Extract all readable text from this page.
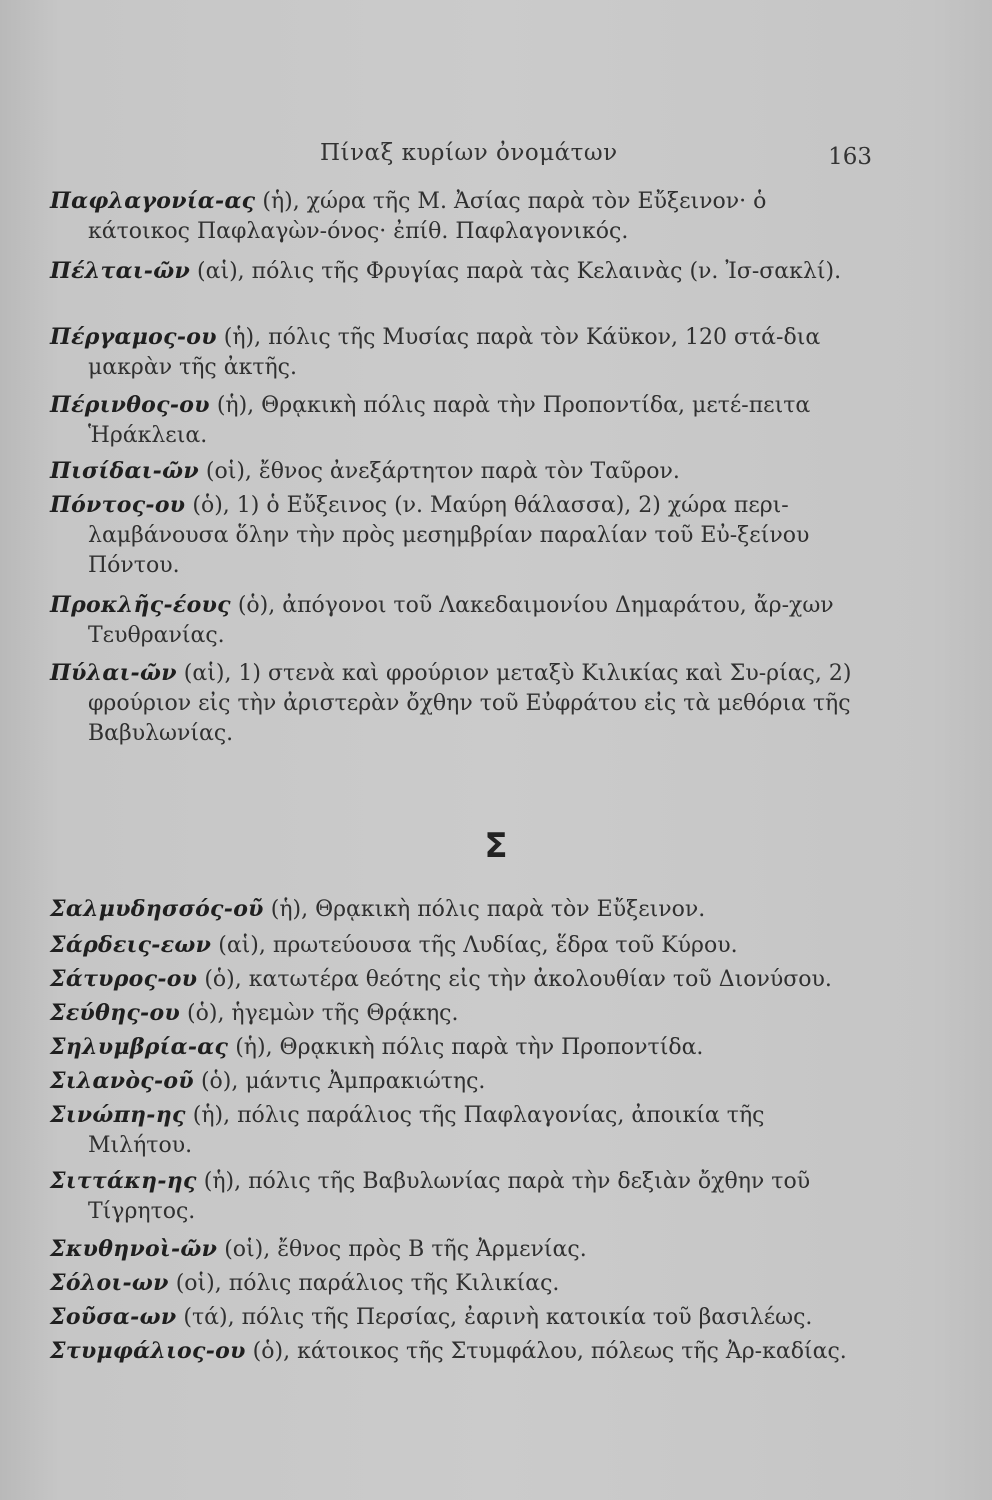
Πίναξ κυρίων ὀνομάτων	163
Παφλαγονία-ας (ἡ), χώρα τῆς Μ. Ἀσίας παρὰ τὸν Εὔξεινον· ὁ κάτοικος Παφλαγὼν-όνος· ἐπίθ. Παφλαγονικός.
Πέλται-ῶν (αἱ), πόλις τῆς Φρυγίας παρὰ τὰς Κελαινὰς (ν. Ἰσ-σακλί).
Πέργαμος-ου (ἡ), πόλις τῆς Μυσίας παρὰ τὸν Κάϋκον, 120 στά-δια μακρὰν τῆς ἀκτῆς.
Πέρινθος-ου (ἡ), Θρᾳκικὴ πόλις παρὰ τὴν Προποντίδα, μετέ-πειτα Ἡράκλεια.
Πισίδαι-ῶν (οἱ), ἔθνος ἀνεξάρτητον παρὰ τὸν Ταῦρον.
Πόντος-ου (ὁ), 1) ὁ Εὔξεινος (ν. Μαύρη θάλασσα), 2) χώρα περι-λαμβάνουσα ὅλην τὴν πρὸς μεσημβρίαν παραλίαν τοῦ Εὐ-ξείνου Πόντου.
Προκλῆς-έους (ὁ), ἀπόγονοι τοῦ Λακεδαιμονίου Δημαράτου, ἄρ-χων Τευθρανίας.
Πύλαι-ῶν (αἱ), 1) στενὰ καὶ φρούριον μεταξὺ Κιλικίας καὶ Συ-ρίας, 2) φρούριον εἰς τὴν ἀριστερὰν ὄχθην τοῦ Εὐφράτου εἰς τὰ μεθόρια τῆς Βαβυλωνίας.
Σ
Σαλμυδησσός-οῦ (ἡ), Θρᾳκικὴ πόλις παρὰ τὸν Εὔξεινον.
Σάρδεις-εων (αἱ), πρωτεύουσα τῆς Λυδίας, ἕδρα τοῦ Κύρου.
Σάτυρος-ου (ὁ), κατωτέρα θεότης εἰς τὴν ἀκολουθίαν τοῦ Διονύσου.
Σεύθης-ου (ὁ), ἡγεμὼν τῆς Θρᾴκης.
Σηλυμβρία-ας (ἡ), Θρᾳκικὴ πόλις παρὰ τὴν Προποντίδα.
Σιλανὸς-οῦ (ὁ), μάντις Ἀμπρακιώτης.
Σινώπη-ης (ἡ), πόλις παράλιος τῆς Παφλαγονίας, ἀποικία τῆς Μιλήτου.
Σιττάκη-ης (ἡ), πόλις τῆς Βαβυλωνίας παρὰ τὴν δεξιὰν ὄχθην τοῦ Τίγρητος.
Σκυθηνοὶ-ῶν (οἱ), ἔθνος πρὸς Β τῆς Ἀρμενίας.
Σόλοι-ων (οἱ), πόλις παράλιος τῆς Κιλικίας.
Σοῦσα-ων (τά), πόλις τῆς Περσίας, ἐαρινὴ κατοικία τοῦ βασιλέως.
Στυμφάλιος-ου (ὁ), κάτοικος τῆς Στυμφάλου, πόλεως τῆς Ἀρ-καδίας.
